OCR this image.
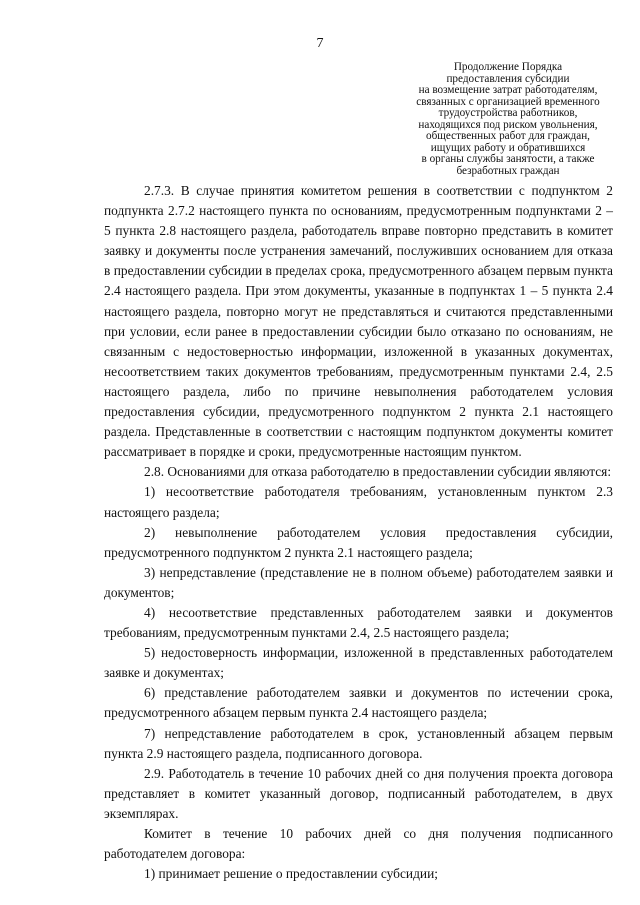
7
Продолжение Порядка
предоставления субсидии
на возмещение затрат работодателям,
связанных с организацией временного
трудоустройства работников,
находящихся под риском увольнения,
общественных работ для граждан,
ищущих работу и обратившихся
в органы службы занятости, а также
безработных граждан

2.7.3. В случае принятия комитетом решения в соответствии с подпунктом 2 подпункта 2.7.2 настоящего пункта по основаниям, предусмотренным подпунктами 2 – 5 пункта 2.8 настоящего раздела, работодатель вправе повторно представить в комитет заявку и документы после устранения замечаний, послуживших основанием для отказа в предоставлении субсидии в пределах срока, предусмотренного абзацем первым пункта 2.4 настоящего раздела. При этом документы, указанные в подпунктах 1 – 5 пункта 2.4 настоящего раздела, повторно могут не представляться и считаются представленными при условии, если ранее в предоставлении субсидии было отказано по основаниям, не связанным с недостоверностью информации, изложенной в указанных документах, несоответствием таких документов требованиям, предусмотренным пунктами 2.4, 2.5 настоящего раздела, либо по причине невыполнения работодателем условия предоставления субсидии, предусмотренного подпунктом 2 пункта 2.1 настоящего раздела. Представленные в соответствии с настоящим подпунктом документы комитет рассматривает в порядке и сроки, предусмотренные настоящим пунктом.

2.8. Основаниями для отказа работодателю в предоставлении субсидии являются:

1) несоответствие работодателя требованиям, установленным пунктом 2.3 настоящего раздела;

2) невыполнение работодателем условия предоставления субсидии, предусмотренного подпунктом 2 пункта 2.1 настоящего раздела;

3) непредставление (представление не в полном объеме) работодателем заявки и документов;

4) несоответствие представленных работодателем заявки и документов требованиям, предусмотренным пунктами 2.4, 2.5 настоящего раздела;

5) недостоверность информации, изложенной в представленных работодателем заявке и документах;

6) представление работодателем заявки и документов по истечении срока, предусмотренного абзацем первым пункта 2.4 настоящего раздела;

7) непредставление работодателем в срок, установленный абзацем первым пункта 2.9 настоящего раздела, подписанного договора.

2.9. Работодатель в течение 10 рабочих дней со дня получения проекта договора представляет в комитет указанный договор, подписанный работодателем, в двух экземплярах.

Комитет в течение 10 рабочих дней со дня получения подписанного работодателем договора:

1) принимает решение о предоставлении субсидии;
